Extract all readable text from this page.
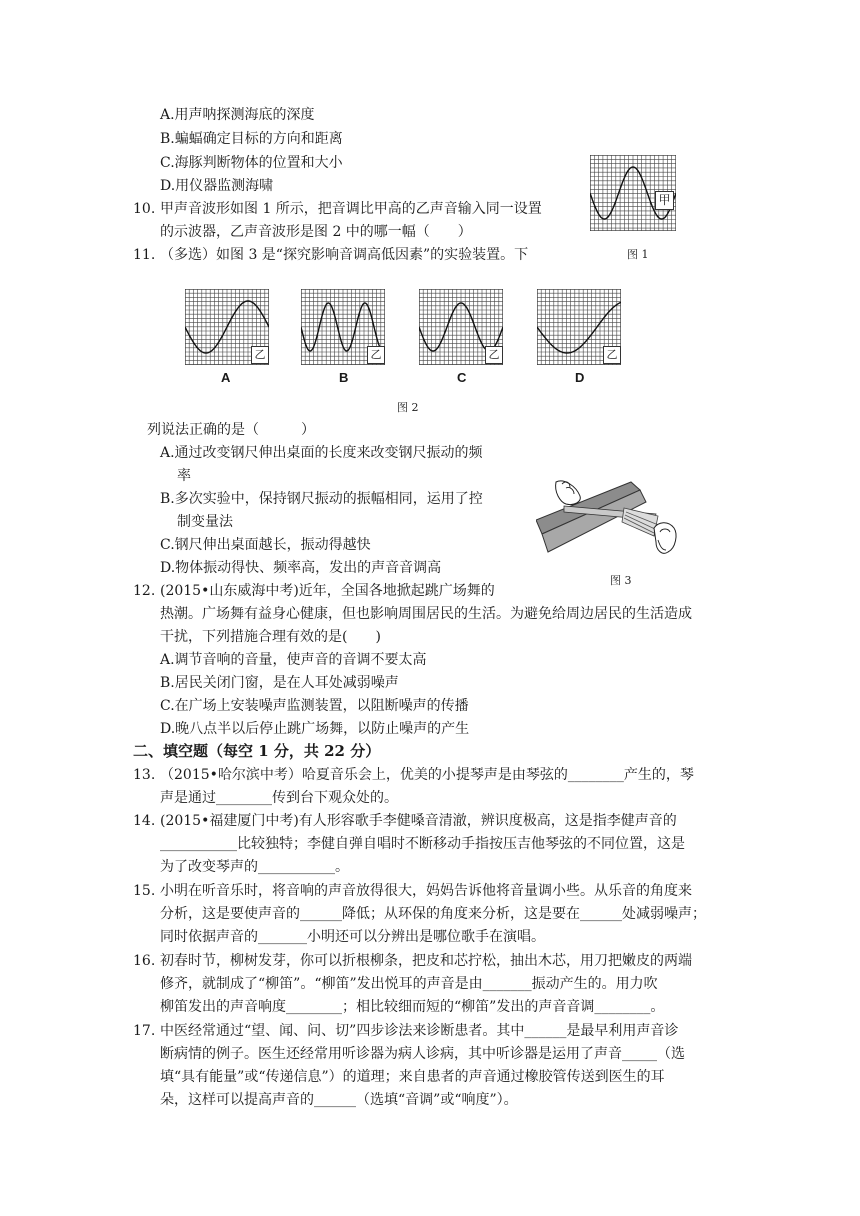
A.用声呐探测海底的深度
B.蝙蝠确定目标的方向和距离
C.海豚判断物体的位置和大小
D.用仪器监测海啸
10. 甲声音波形如图 1 所示，把音调比甲高的乙声音输入同一设置
的示波器，乙声音波形是图 2 中的哪一幅（　　）
甲
图 1
11. （多选）如图 3 是“探究影响音调高低因素”的实验装置。下
乙	乙	乙	乙
A	B	C	D
图 2
列说法正确的是（　　　）
A.通过改变钢尺伸出桌面的长度来改变钢尺振动的频
率
B.多次实验中，保持钢尺振动的振幅相同，运用了控
制变量法
C.钢尺伸出桌面越长，振动得越快
D.物体振动得快、频率高，发出的声音音调高
图 3
12. (2015•山东威海中考)近年，全国各地掀起跳广场舞的
热潮。广场舞有益身心健康，但也影响周围居民的生活。为避免给周边居民的生活造成
干扰，下列措施合理有效的是(　　)
A.调节音响的音量，使声音的音调不要太高
B.居民关闭门窗，是在人耳处减弱噪声
C.在广场上安装噪声监测装置，以阻断噪声的传播
D.晚八点半以后停止跳广场舞，以防止噪声的产生
二、填空题（每空 1 分，共 22 分）
13. （2015•哈尔滨中考）哈夏音乐会上，优美的小提琴声是由琴弦的________产生的，琴
声是通过________传到台下观众处的。
14. (2015•福建厦门中考)有人形容歌手李健嗓音清澈，辨识度极高，这是指李健声音的
___________比较独特；李健自弹自唱时不断移动手指按压吉他琴弦的不同位置，这是
为了改变琴声的___________。
15. 小明在听音乐时，将音响的声音放得很大，妈妈告诉他将音量调小些。从乐音的角度来
分析，这是要使声音的______降低；从环保的角度来分析，这是要在______处减弱噪声；
同时依据声音的_______小明还可以分辨出是哪位歌手在演唱。
16. 初春时节，柳树发芽，你可以折根柳条，把皮和芯拧松，抽出木芯，用刀把嫩皮的两端
修齐，就制成了“柳笛”。“柳笛”发出悦耳的声音是由_______振动产生的。用力吹
柳笛发出的声音响度________；相比较细而短的“柳笛”发出的声音音调________。
17. 中医经常通过“望、闻、问、切”四步诊法来诊断患者。其中______是最早利用声音诊
断病情的例子。医生还经常用听诊器为病人诊病，其中听诊器是运用了声音_____（选
填“具有能量”或“传递信息”）的道理；来自患者的声音通过橡胶管传送到医生的耳
朵，这样可以提高声音的______（选填“音调”或“响度”）。
